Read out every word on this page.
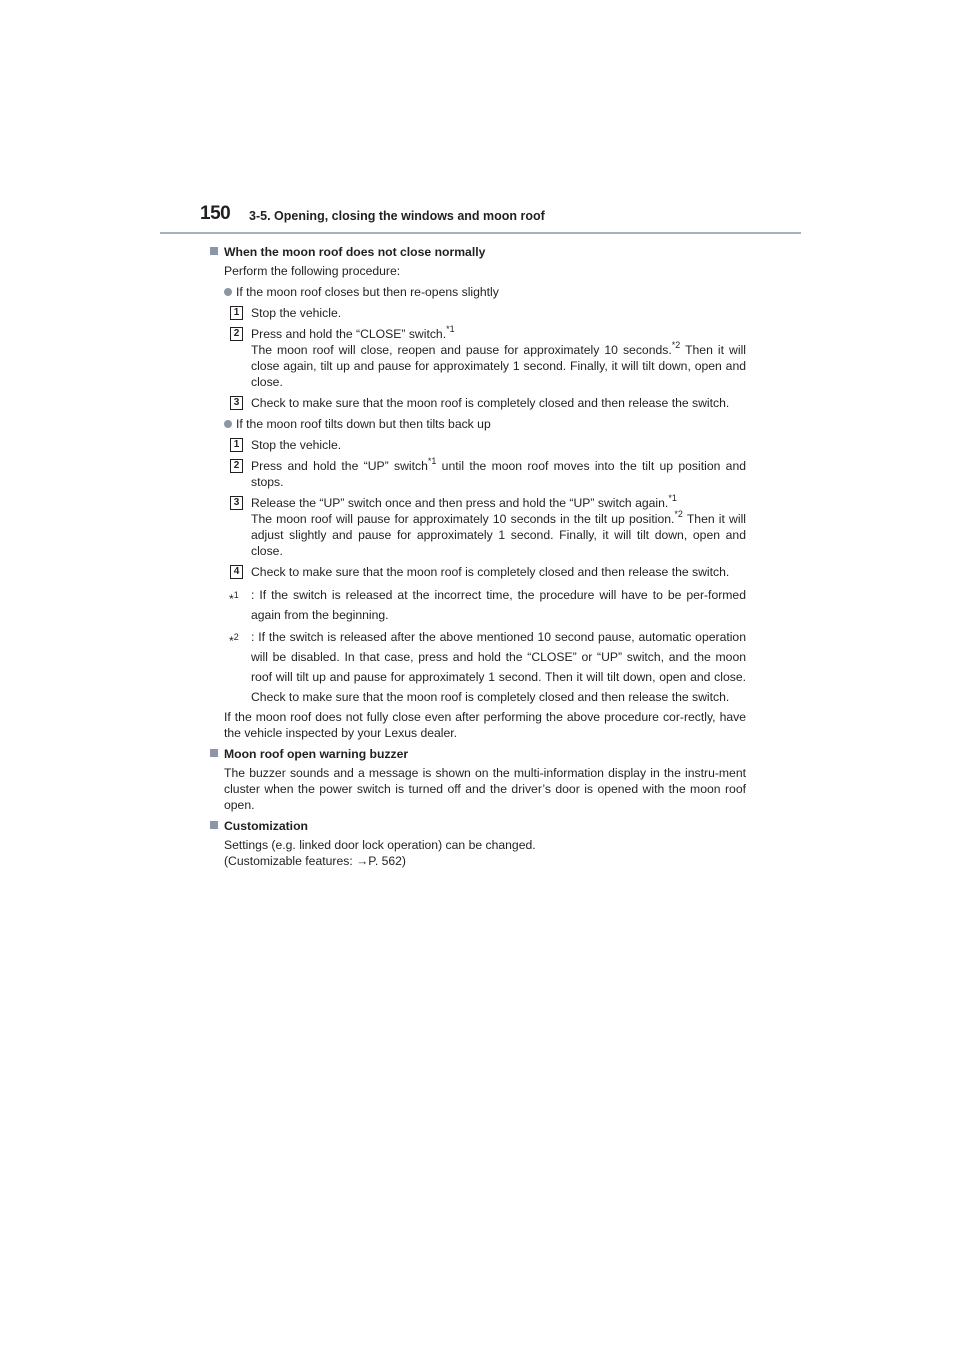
150 3-5. Opening, closing the windows and moon roof
When the moon roof does not close normally
Perform the following procedure:
If the moon roof closes but then re-opens slightly
1 Stop the vehicle.
2 Press and hold the “CLOSE” switch.$^{*1}$
The moon roof will close, reopen and pause for approximately 10 seconds.$^{*2}$ Then it will close again, tilt up and pause for approximately 1 second. Finally, it will tilt down, open and close.
3 Check to make sure that the moon roof is completely closed and then release the switch.
If the moon roof tilts down but then tilts back up
1 Stop the vehicle.
2 Press and hold the “UP” switch$^{*1}$ until the moon roof moves into the tilt up position and stops.
3 Release the “UP” switch once and then press and hold the “UP” switch again.$^{*1}$
The moon roof will pause for approximately 10 seconds in the tilt up position.$^{*2}$ Then it will adjust slightly and pause for approximately 1 second. Finally, it will tilt down, open and close.
4 Check to make sure that the moon roof is completely closed and then release the switch.
*$^1$ : If the switch is released at the incorrect time, the procedure will have to be per-formed again from the beginning.
*$^2$ : If the switch is released after the above mentioned 10 second pause, automatic operation will be disabled. In that case, press and hold the “CLOSE” or “UP” switch, and the moon roof will tilt up and pause for approximately 1 second. Then it will tilt down, open and close. Check to make sure that the moon roof is completely closed and then release the switch.
If the moon roof does not fully close even after performing the above procedure cor-rectly, have the vehicle inspected by your Lexus dealer.
Moon roof open warning buzzer
The buzzer sounds and a message is shown on the multi-information display in the instru-ment cluster when the power switch is turned off and the driver’s door is opened with the moon roof open.
Customization
Settings (e.g. linked door lock operation) can be changed.
(Customizable features: →P. 562)
